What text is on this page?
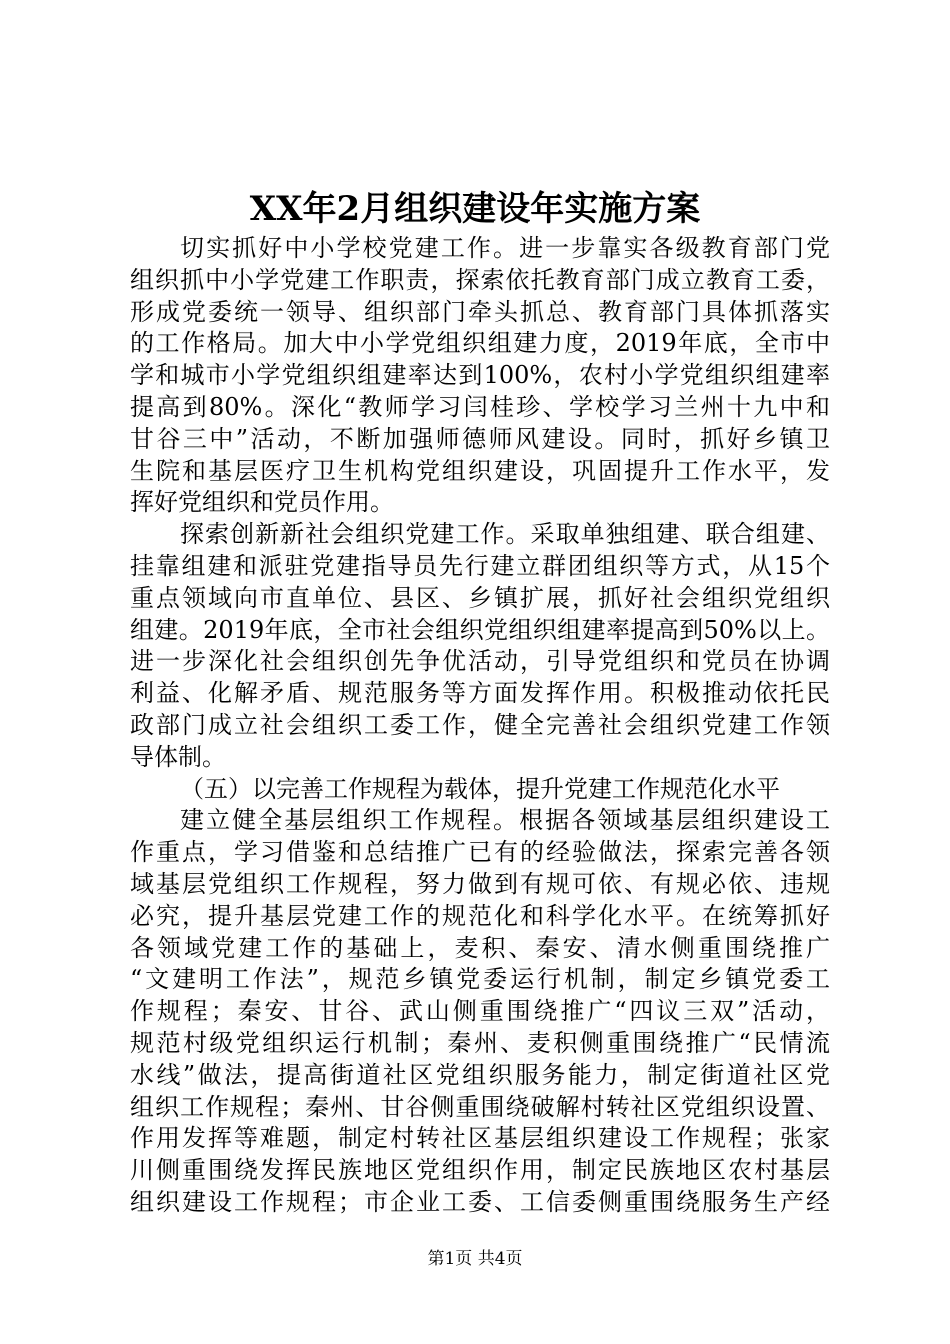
XX年2月组织建设年实施方案
切实抓好中小学校党建工作。进一步靠实各级教育部门党
组织抓中小学党建工作职责，探索依托教育部门成立教育工委，
形成党委统一领导、组织部门牵头抓总、教育部门具体抓落实
的工作格局。加大中小学党组织组建力度，2019年底，全市中
学和城市小学党组织组建率达到100%，农村小学党组织组建率
提高到80%。深化“教师学习闫桂珍、学校学习兰州十九中和
甘谷三中”活动，不断加强师德师风建设。同时，抓好乡镇卫
生院和基层医疗卫生机构党组织建设，巩固提升工作水平，发
挥好党组织和党员作用。
探索创新新社会组织党建工作。采取单独组建、联合组建、
挂靠组建和派驻党建指导员先行建立群团组织等方式，从15个
重点领域向市直单位、县区、乡镇扩展，抓好社会组织党组织
组建。2019年底，全市社会组织党组织组建率提高到50%以上。
进一步深化社会组织创先争优活动，引导党组织和党员在协调
利益、化解矛盾、规范服务等方面发挥作用。积极推动依托民
政部门成立社会组织工委工作，健全完善社会组织党建工作领
导体制。
（五）以完善工作规程为载体，提升党建工作规范化水平
建立健全基层组织工作规程。根据各领域基层组织建设工
作重点，学习借鉴和总结推广已有的经验做法，探索完善各领
域基层党组织工作规程，努力做到有规可依、有规必依、违规
必究，提升基层党建工作的规范化和科学化水平。在统筹抓好
各领域党建工作的基础上，麦积、秦安、清水侧重围绕推广
“文建明工作法”，规范乡镇党委运行机制，制定乡镇党委工
作规程；秦安、甘谷、武山侧重围绕推广“四议三双”活动，
规范村级党组织运行机制；秦州、麦积侧重围绕推广“民情流
水线”做法，提高街道社区党组织服务能力，制定街道社区党
组织工作规程；秦州、甘谷侧重围绕破解村转社区党组织设置、
作用发挥等难题，制定村转社区基层组织建设工作规程；张家
川侧重围绕发挥民族地区党组织作用，制定民族地区农村基层
组织建设工作规程；市企业工委、工信委侧重围绕服务生产经
第1页 共4页
